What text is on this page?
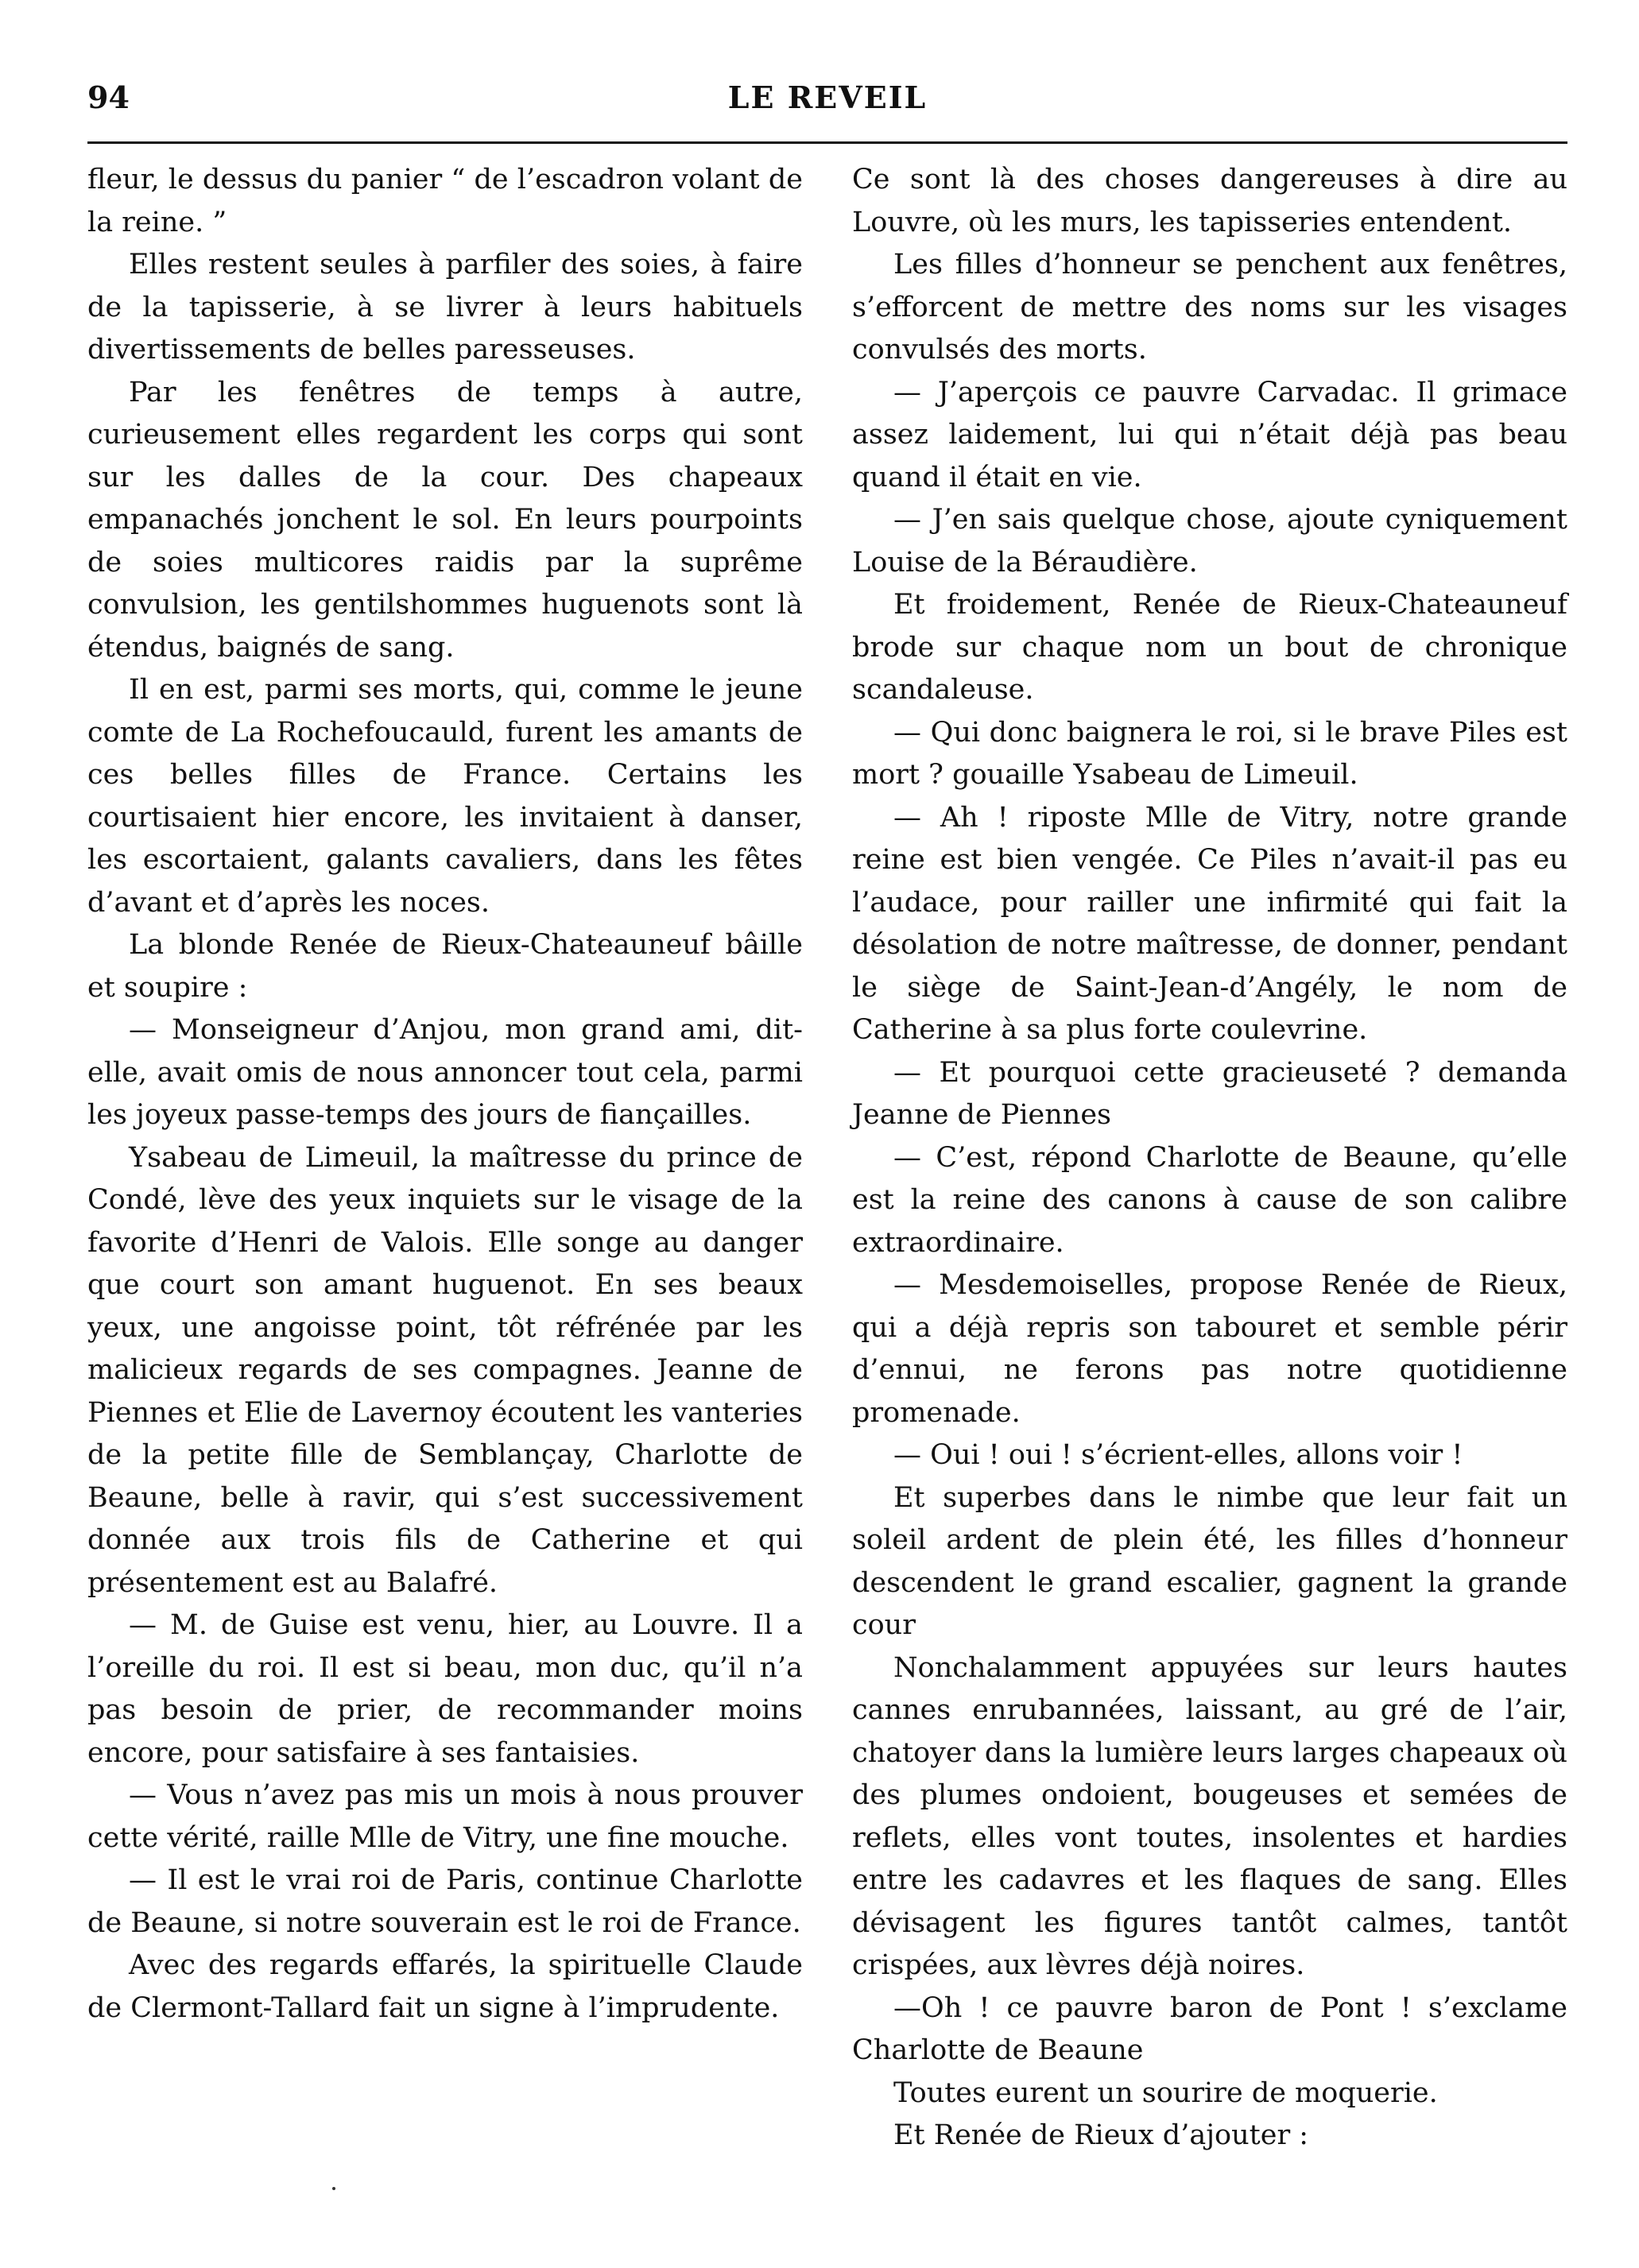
LE REVEIL
94

fleur, le dessus du panier “ de l’escadron volant de la reine. ”

Elles restent seules à parfiler des soies, à faire de la tapisserie, à se livrer à leurs habituels divertissements de belles paresseuses.

Par les fenêtres de temps à autre, curieusement elles regardent les corps qui sont sur les dalles de la cour. Des chapeaux empanachés jonchent le sol. En leurs pourpoints de soies multicores raidis par la suprême convulsion, les gentilshommes huguenots sont là étendus, baignés de sang.

Il en est, parmi ses morts, qui, comme le jeune comte de La Rochefoucauld, furent les amants de ces belles filles de France. Certains les courtisaient hier encore, les invitaient à danser, les escortaient, galants cavaliers, dans les fêtes d’avant et d’après les noces.

La blonde Renée de Rieux-Chateauneuf bâille et soupire :

— Monseigneur d’Anjou, mon grand ami, dit-elle, avait omis de nous annoncer tout cela, parmi les joyeux passe-temps des jours de fiançailles.

Ysabeau de Limeuil, la maîtresse du prince de Condé, lève des yeux inquiets sur le visage de la favorite d’Henri de Valois. Elle songe au danger que court son amant huguenot. En ses beaux yeux, une angoisse point, tôt réfrénée par les malicieux regards de ses compagnes. Jeanne de Piennes et Elie de Lavernoy écoutent les vanteries de la petite fille de Semblançay, Charlotte de Beaune, belle à ravir, qui s’est successivement donnée aux trois fils de Catherine et qui présentement est au Balafré.

— M. de Guise est venu, hier, au Louvre. Il a l’oreille du roi. Il est si beau, mon duc, qu’il n’a pas besoin de prier, de recommander moins encore, pour satisfaire à ses fantaisies.

— Vous n’avez pas mis un mois à nous prouver cette vérité, raille Mlle de Vitry, une fine mouche.

— Il est le vrai roi de Paris, continue Charlotte de Beaune, si notre souverain est le roi de France.

Avec des regards effarés, la spirituelle Claude de Clermont-Tallard fait un signe à l’imprudente.

Ce sont là des choses dangereuses à dire au Louvre, où les murs, les tapisseries entendent.

Les filles d’honneur se penchent aux fenêtres, s’efforcent de mettre des noms sur les visages convulsés des morts.

— J’aperçois ce pauvre Carvadac. Il grimace assez laidement, lui qui n’était déjà pas beau quand il était en vie.

— J’en sais quelque chose, ajoute cyniquement Louise de la Béraudière.

Et froidement, Renée de Rieux-Chateauneuf brode sur chaque nom un bout de chronique scandaleuse.

— Qui donc baignera le roi, si le brave Piles est mort ? gouaille Ysabeau de Limeuil.

— Ah ! riposte Mlle de Vitry, notre grande reine est bien vengée. Ce Piles n’avait-il pas eu l’audace, pour railler une infirmité qui fait la désolation de notre maîtresse, de donner, pendant le siège de Saint-Jean-d’Angély, le nom de Catherine à sa plus forte coulevrine.

— Et pourquoi cette gracieuseté ? demanda Jeanne de Piennes

— C’est, répond Charlotte de Beaune, qu’elle est la reine des canons à cause de son calibre extraordinaire.

— Mesdemoiselles, propose Renée de Rieux, qui a déjà repris son tabouret et semble périr d’ennui, ne ferons pas notre quotidienne promenade.

— Oui ! oui ! s’écrient-elles, allons voir !

Et superbes dans le nimbe que leur fait un soleil ardent de plein été, les filles d’honneur descendent le grand escalier, gagnent la grande cour

Nonchalamment appuyées sur leurs hautes cannes enrubannées, laissant, au gré de l’air, chatoyer dans la lumière leurs larges chapeaux où des plumes ondoient, bougeuses et semées de reflets, elles vont toutes, insolentes et hardies entre les cadavres et les flaques de sang. Elles dévisagent les figures tantôt calmes, tantôt crispées, aux lèvres déjà noires.

—Oh ! ce pauvre baron de Pont ! s’exclame Charlotte de Beaune

Toutes eurent un sourire de moquerie.

Et Renée de Rieux d’ajouter :
